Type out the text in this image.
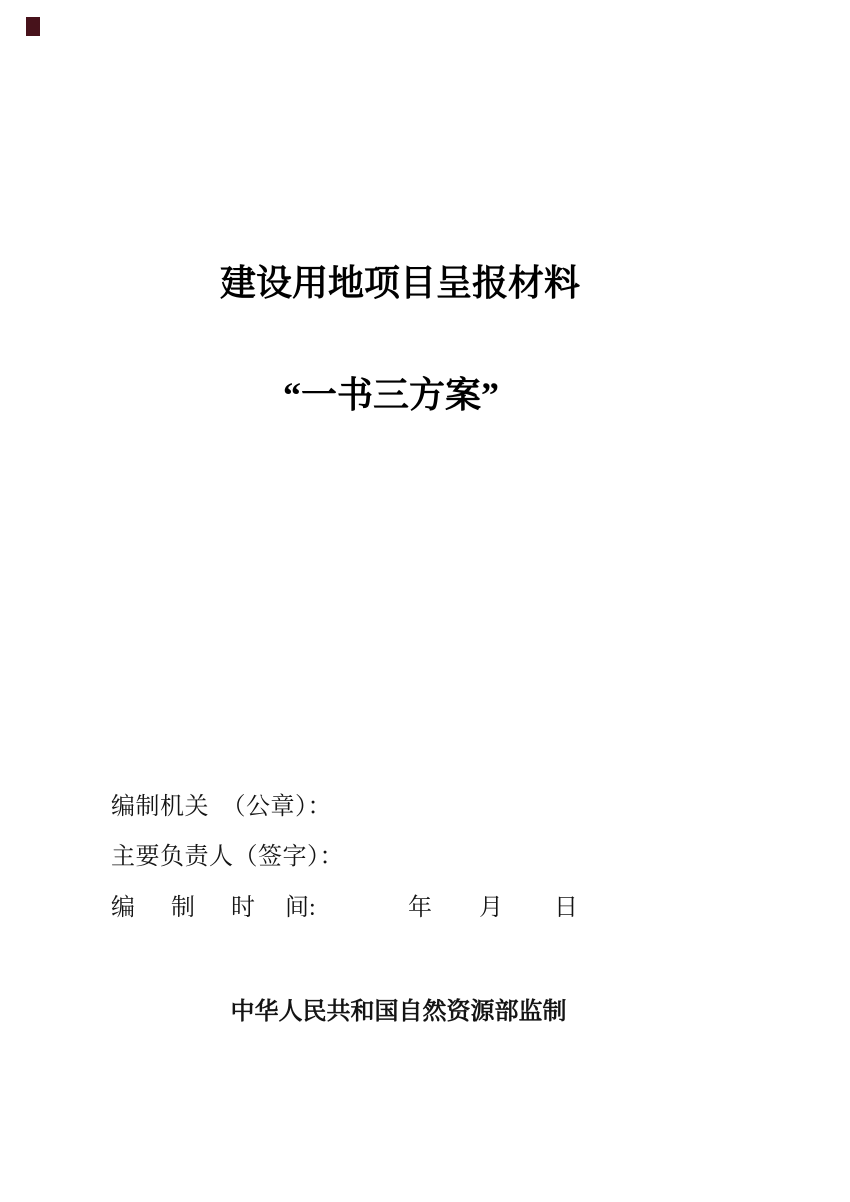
建设用地项目呈报材料
“一书三方案”
编制机关　（公章）：
主要负责人（签字）：
编 制 时 间:	年 月 日
中华人民共和国自然资源部监制
